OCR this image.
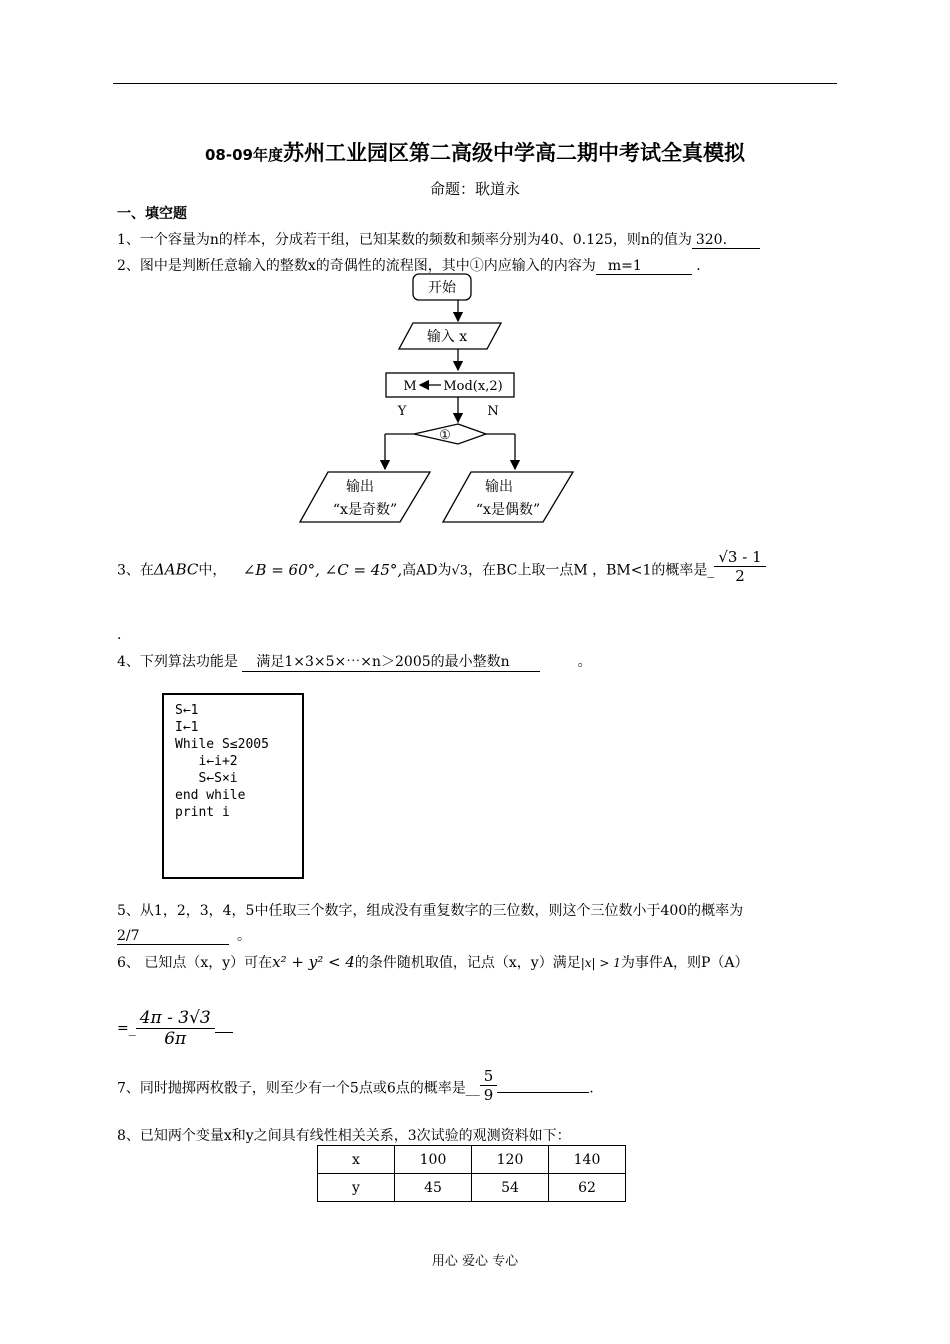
08-09年度苏州工业园区第二高级中学高二期中考试全真模拟
命题：耿道永
一、填空题
1、一个容量为n的样本，分成若干组，已知某数的频数和频率分别为40、0.125，则n的值为 320.
2、图中是判断任意输入的整数x的奇偶性的流程图，其中①内应输入的内容为 m=1	.
开始
输入 x
M Mod(x,2)
Y	N
①
输出
“x是奇数”
输出
“x是偶数”
3、在ΔABC中， ∠B = 60°, ∠C = 45°,高AD为√3，在BC上取一点M ，BM<1的概率是_ $\frac{√3 - 1}{2}$
.
4、下列算法功能是 满足1×3×5×⋯×n＞2005的最小整数n	。
S←1
I←1
While S≤2005
i←i+2
S←S×i
end while
print i
5、从1，2，3，4，5中任取三个数字，组成没有重复数字的三位数，则这个三位数小于400的概率为
2/7	。
6、 已知点（x，y）可在x² + y² < 4的条件随机取值，记点（x，y）满足|x| > 1为事件A，则P（A）
=_ $\frac{4\pi - 3√3}{6\pi}$
7、同时抛掷两枚骰子，则至少有一个5点或6点的概率是__ $\frac{5}{9}$	.
8、已知两个变量x和y之间具有线性相关关系，3次试验的观测资料如下：
x	100	120	140
y	45	54	62
用心 爱心 专心
